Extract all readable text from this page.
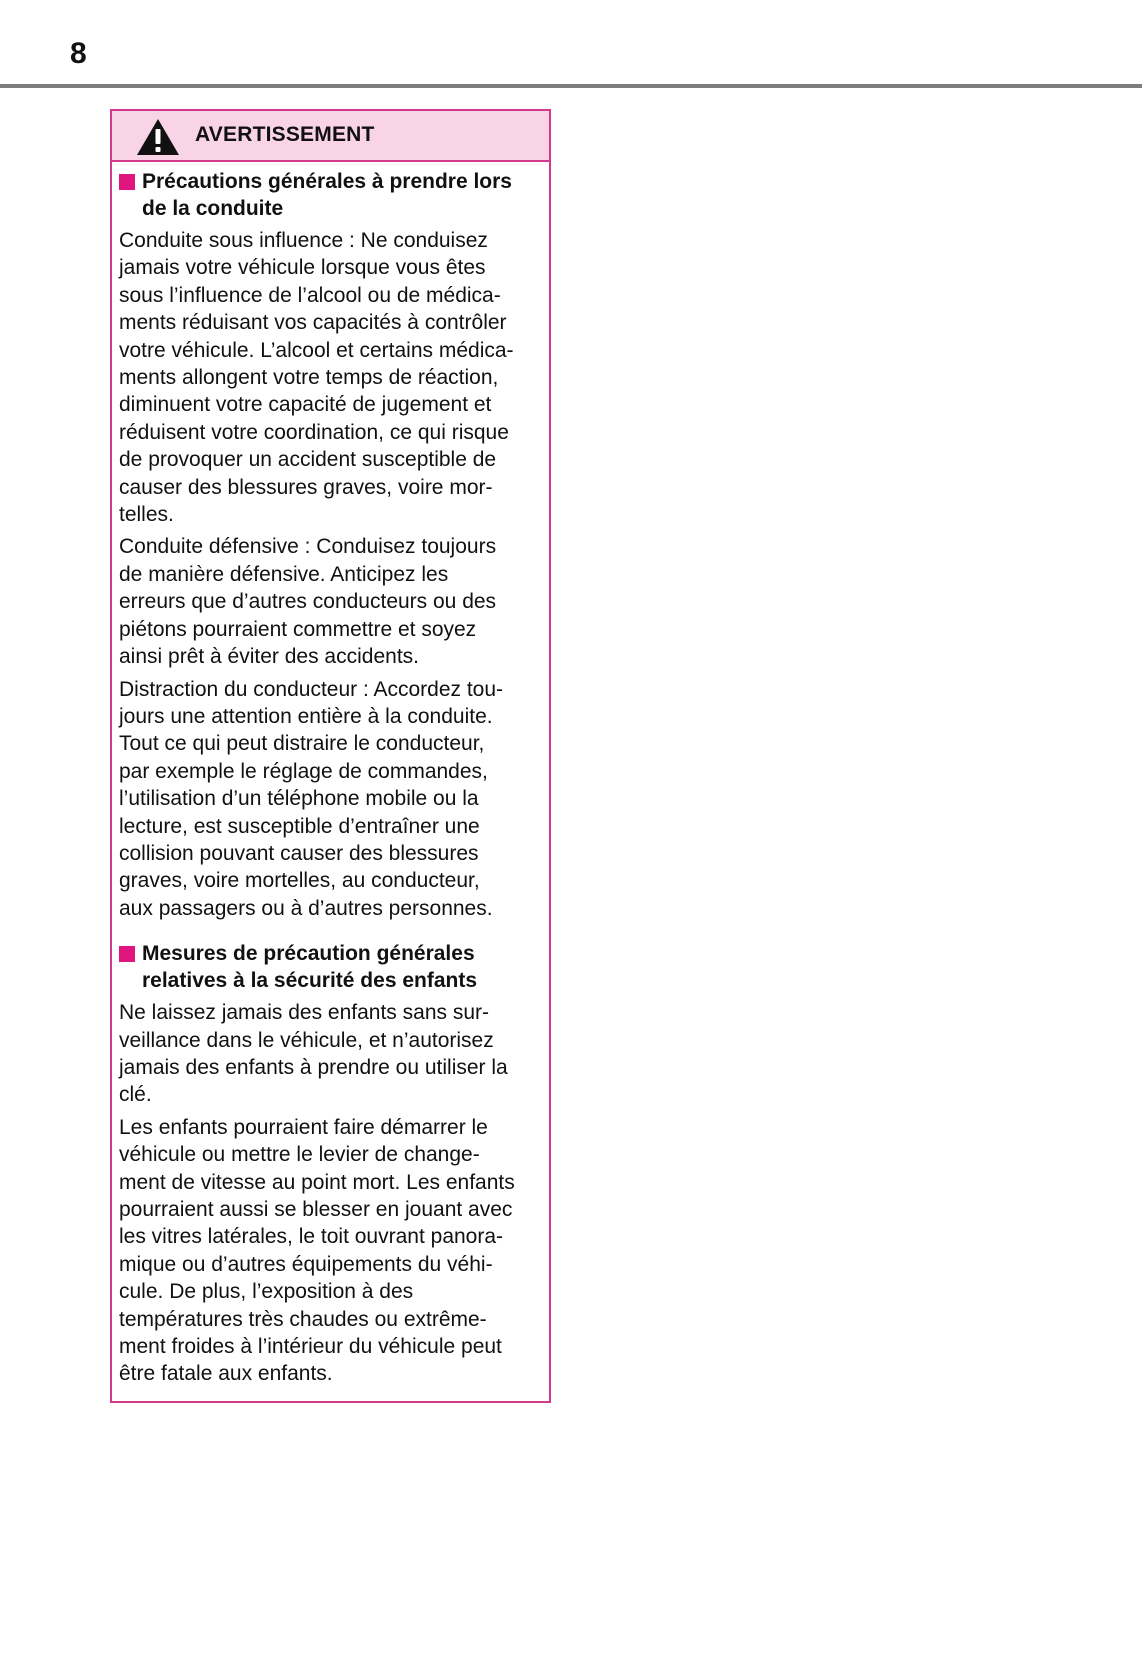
8
AVERTISSEMENT
Précautions générales à prendre lors
de la conduite

Conduite sous influence : Ne conduisez
jamais votre véhicule lorsque vous êtes
sous l’influence de l’alcool ou de médica-
ments réduisant vos capacités à contrôler
votre véhicule. L’alcool et certains médica-
ments allongent votre temps de réaction,
diminuent votre capacité de jugement et
réduisent votre coordination, ce qui risque
de provoquer un accident susceptible de
causer des blessures graves, voire mor-
telles.

Conduite défensive : Conduisez toujours
de manière défensive. Anticipez les
erreurs que d’autres conducteurs ou des
piétons pourraient commettre et soyez
ainsi prêt à éviter des accidents.

Distraction du conducteur : Accordez tou-
jours une attention entière à la conduite.
Tout ce qui peut distraire le conducteur,
par exemple le réglage de commandes,
l’utilisation d’un téléphone mobile ou la
lecture, est susceptible d’entraîner une
collision pouvant causer des blessures
graves, voire mortelles, au conducteur,
aux passagers ou à d’autres personnes.

Mesures de précaution générales
relatives à la sécurité des enfants

Ne laissez jamais des enfants sans sur-
veillance dans le véhicule, et n’autorisez
jamais des enfants à prendre ou utiliser la
clé.

Les enfants pourraient faire démarrer le
véhicule ou mettre le levier de change-
ment de vitesse au point mort. Les enfants
pourraient aussi se blesser en jouant avec
les vitres latérales, le toit ouvrant panora-
mique ou d’autres équipements du véhi-
cule. De plus, l’exposition à des
températures très chaudes ou extrême-
ment froides à l’intérieur du véhicule peut
être fatale aux enfants.
